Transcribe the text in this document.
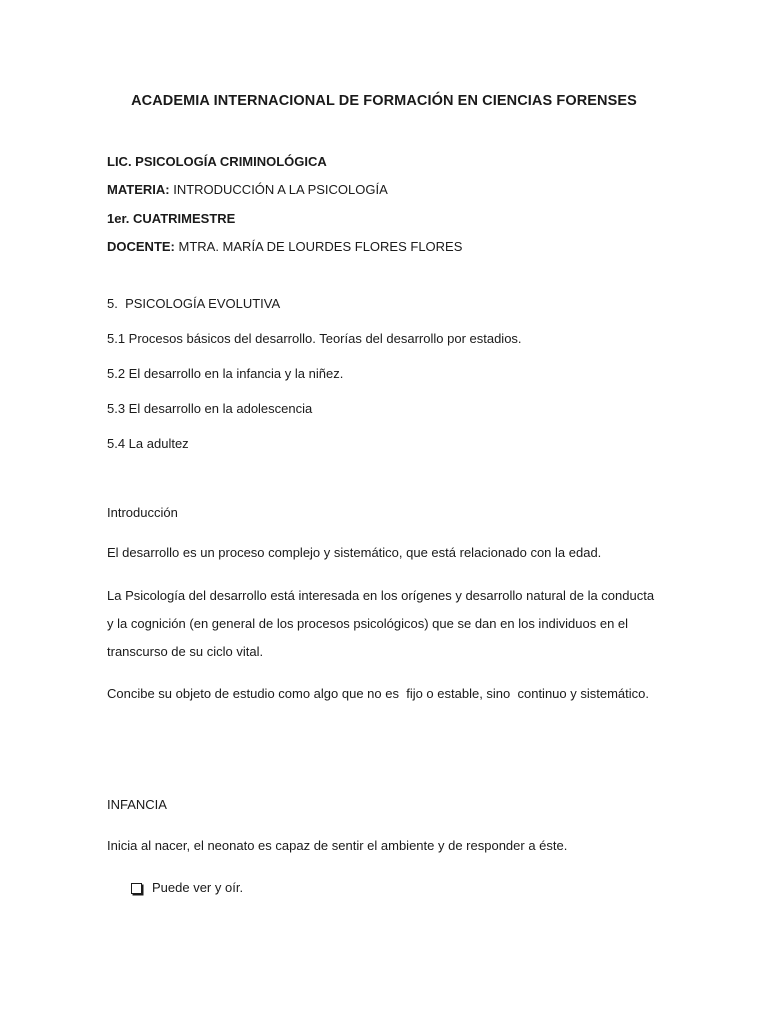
ACADEMIA INTERNACIONAL DE FORMACIÓN EN CIENCIAS FORENSES
LIC. PSICOLOGÍA CRIMINOLÓGICA
MATERIA: INTRODUCCIÓN A LA PSICOLOGÍA
1er. CUATRIMESTRE
DOCENTE: MTRA. MARÍA DE LOURDES FLORES FLORES
5.  PSICOLOGÍA EVOLUTIVA
5.1 Procesos básicos del desarrollo. Teorías del desarrollo por estadios.
5.2 El desarrollo en la infancia y la niñez.
5.3 El desarrollo en la adolescencia
5.4 La adultez
Introducción
El desarrollo es un proceso complejo y sistemático, que está relacionado con la edad.
La Psicología del desarrollo está interesada en los orígenes y desarrollo natural de la conducta y la cognición (en general de los procesos psicológicos) que se dan en los individuos en el transcurso de su ciclo vital.
Concibe su objeto de estudio como algo que no es  fijo o estable, sino  continuo y sistemático.
INFANCIA
Inicia al nacer, el neonato es capaz de sentir el ambiente y de responder a éste.
Puede ver y oír.
